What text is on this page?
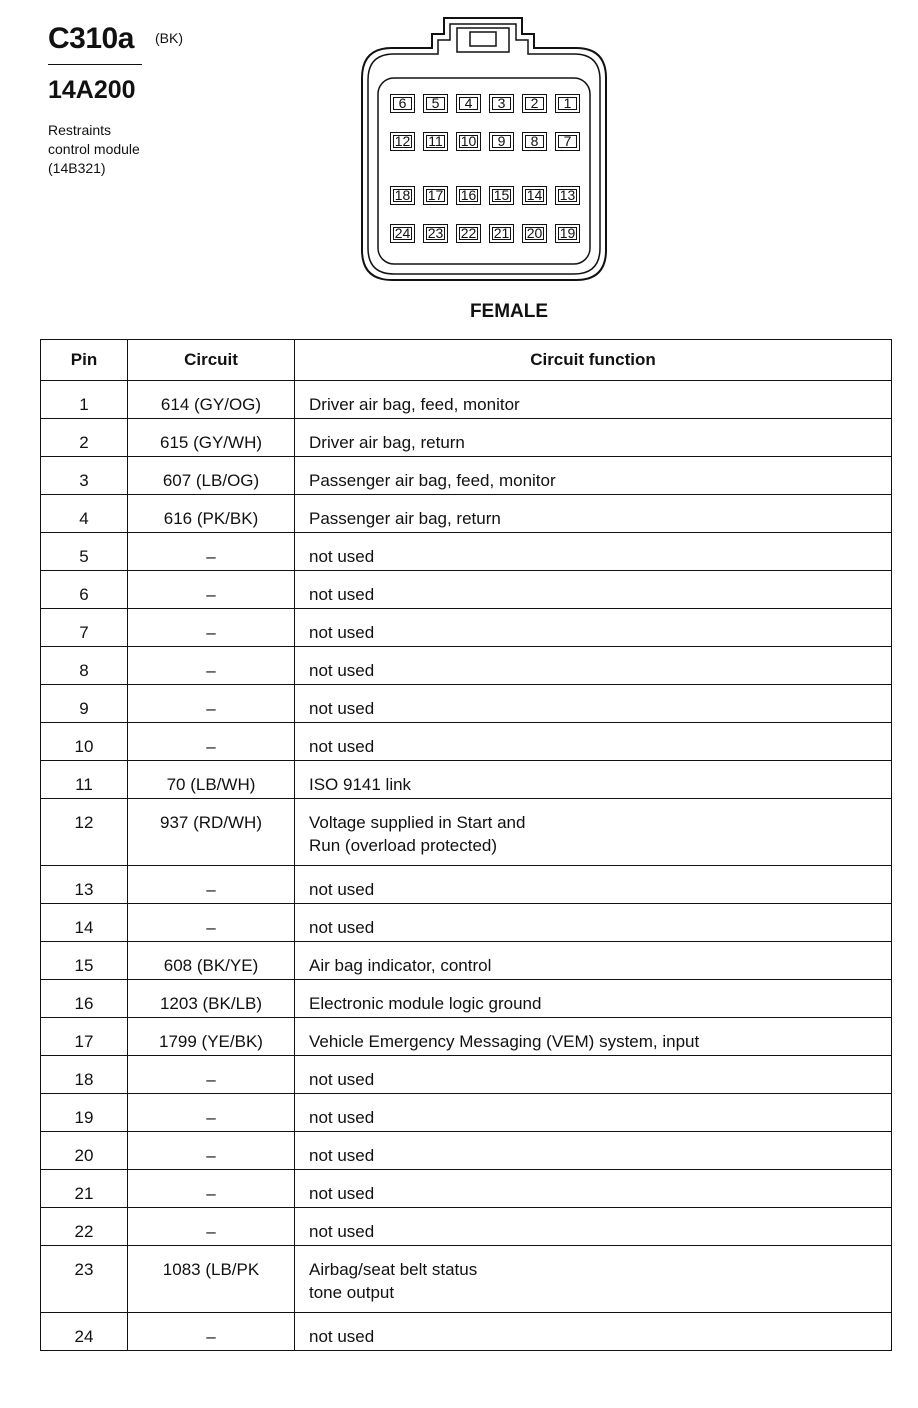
C310a (BK)
14A200
Restraints
control module
(14B321)
6	5	4	3	2	1
12	11	10	9	8	7
18 17 16 15 14 13
24 23 22 21 20 19
FEMALE
Pin	Circuit	Circuit function
1	614 (GY/OG)	Driver air bag, feed, monitor

2	615 (GY/WH)	Driver air bag, return

3	607 (LB/OG)	Passenger air bag, feed, monitor

4	616 (PK/BK)	Passenger air bag, return

5	–	not used

6	–	not used

7	–	not used

8	–	not used

9	–	not used

10	–	not used

11	70 (LB/WH)	ISO 9141 link

12	937 (RD/WH)	Voltage supplied in Start and
Run (overload protected)

13	–	not used

14	–	not used

15	608 (BK/YE)	Air bag indicator, control

16	1203 (BK/LB)	Electronic module logic ground

17	1799 (YE/BK)	Vehicle Emergency Messaging (VEM) system, input

18	–	not used

19	–	not used

20	–	not used

21	–	not used

22	–	not used

23	1083 (LB/PK	Airbag/seat belt status
tone output

24	–	not used
